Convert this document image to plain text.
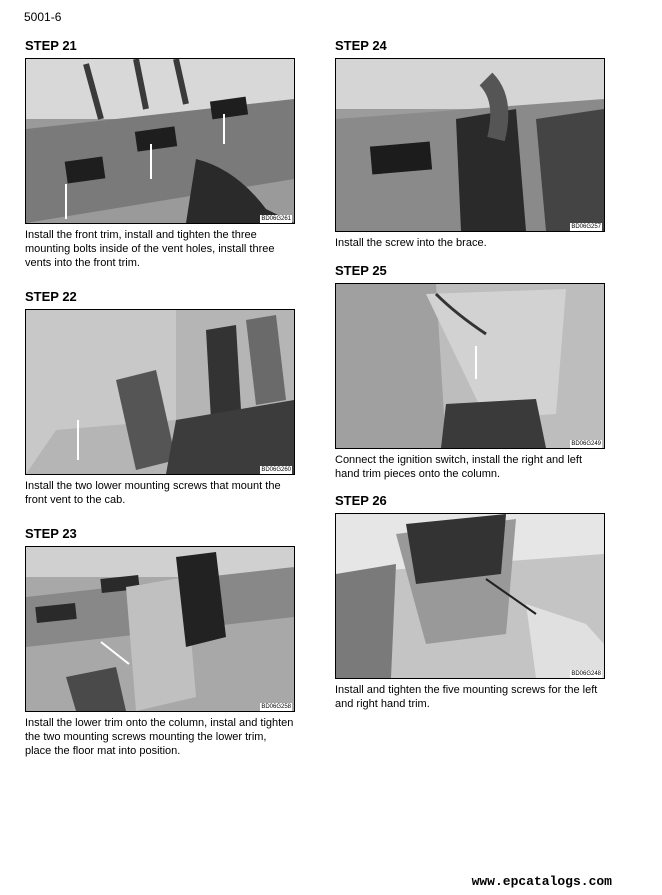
5001-6
STEP 21
BD06G261

Install the front trim, install and tighten the three mounting bolts inside of the vent holes, install three vents into the front trim.

STEP 22
BD06G260

Install the two lower mounting screws that mount the front vent to the cab.

STEP 23
BD06G258

Install the lower trim onto the column, instal and tighten the two mounting screws mounting the lower trim, place the floor mat into position.

STEP 24
BD06G257

Install the screw into the brace.

STEP 25
BD06G249

Connect the ignition switch, install the right and left hand trim pieces onto the column.

STEP 26
BD06G248

Install and tighten the five mounting screws for the left and right hand trim.

www.epcatalogs.com
